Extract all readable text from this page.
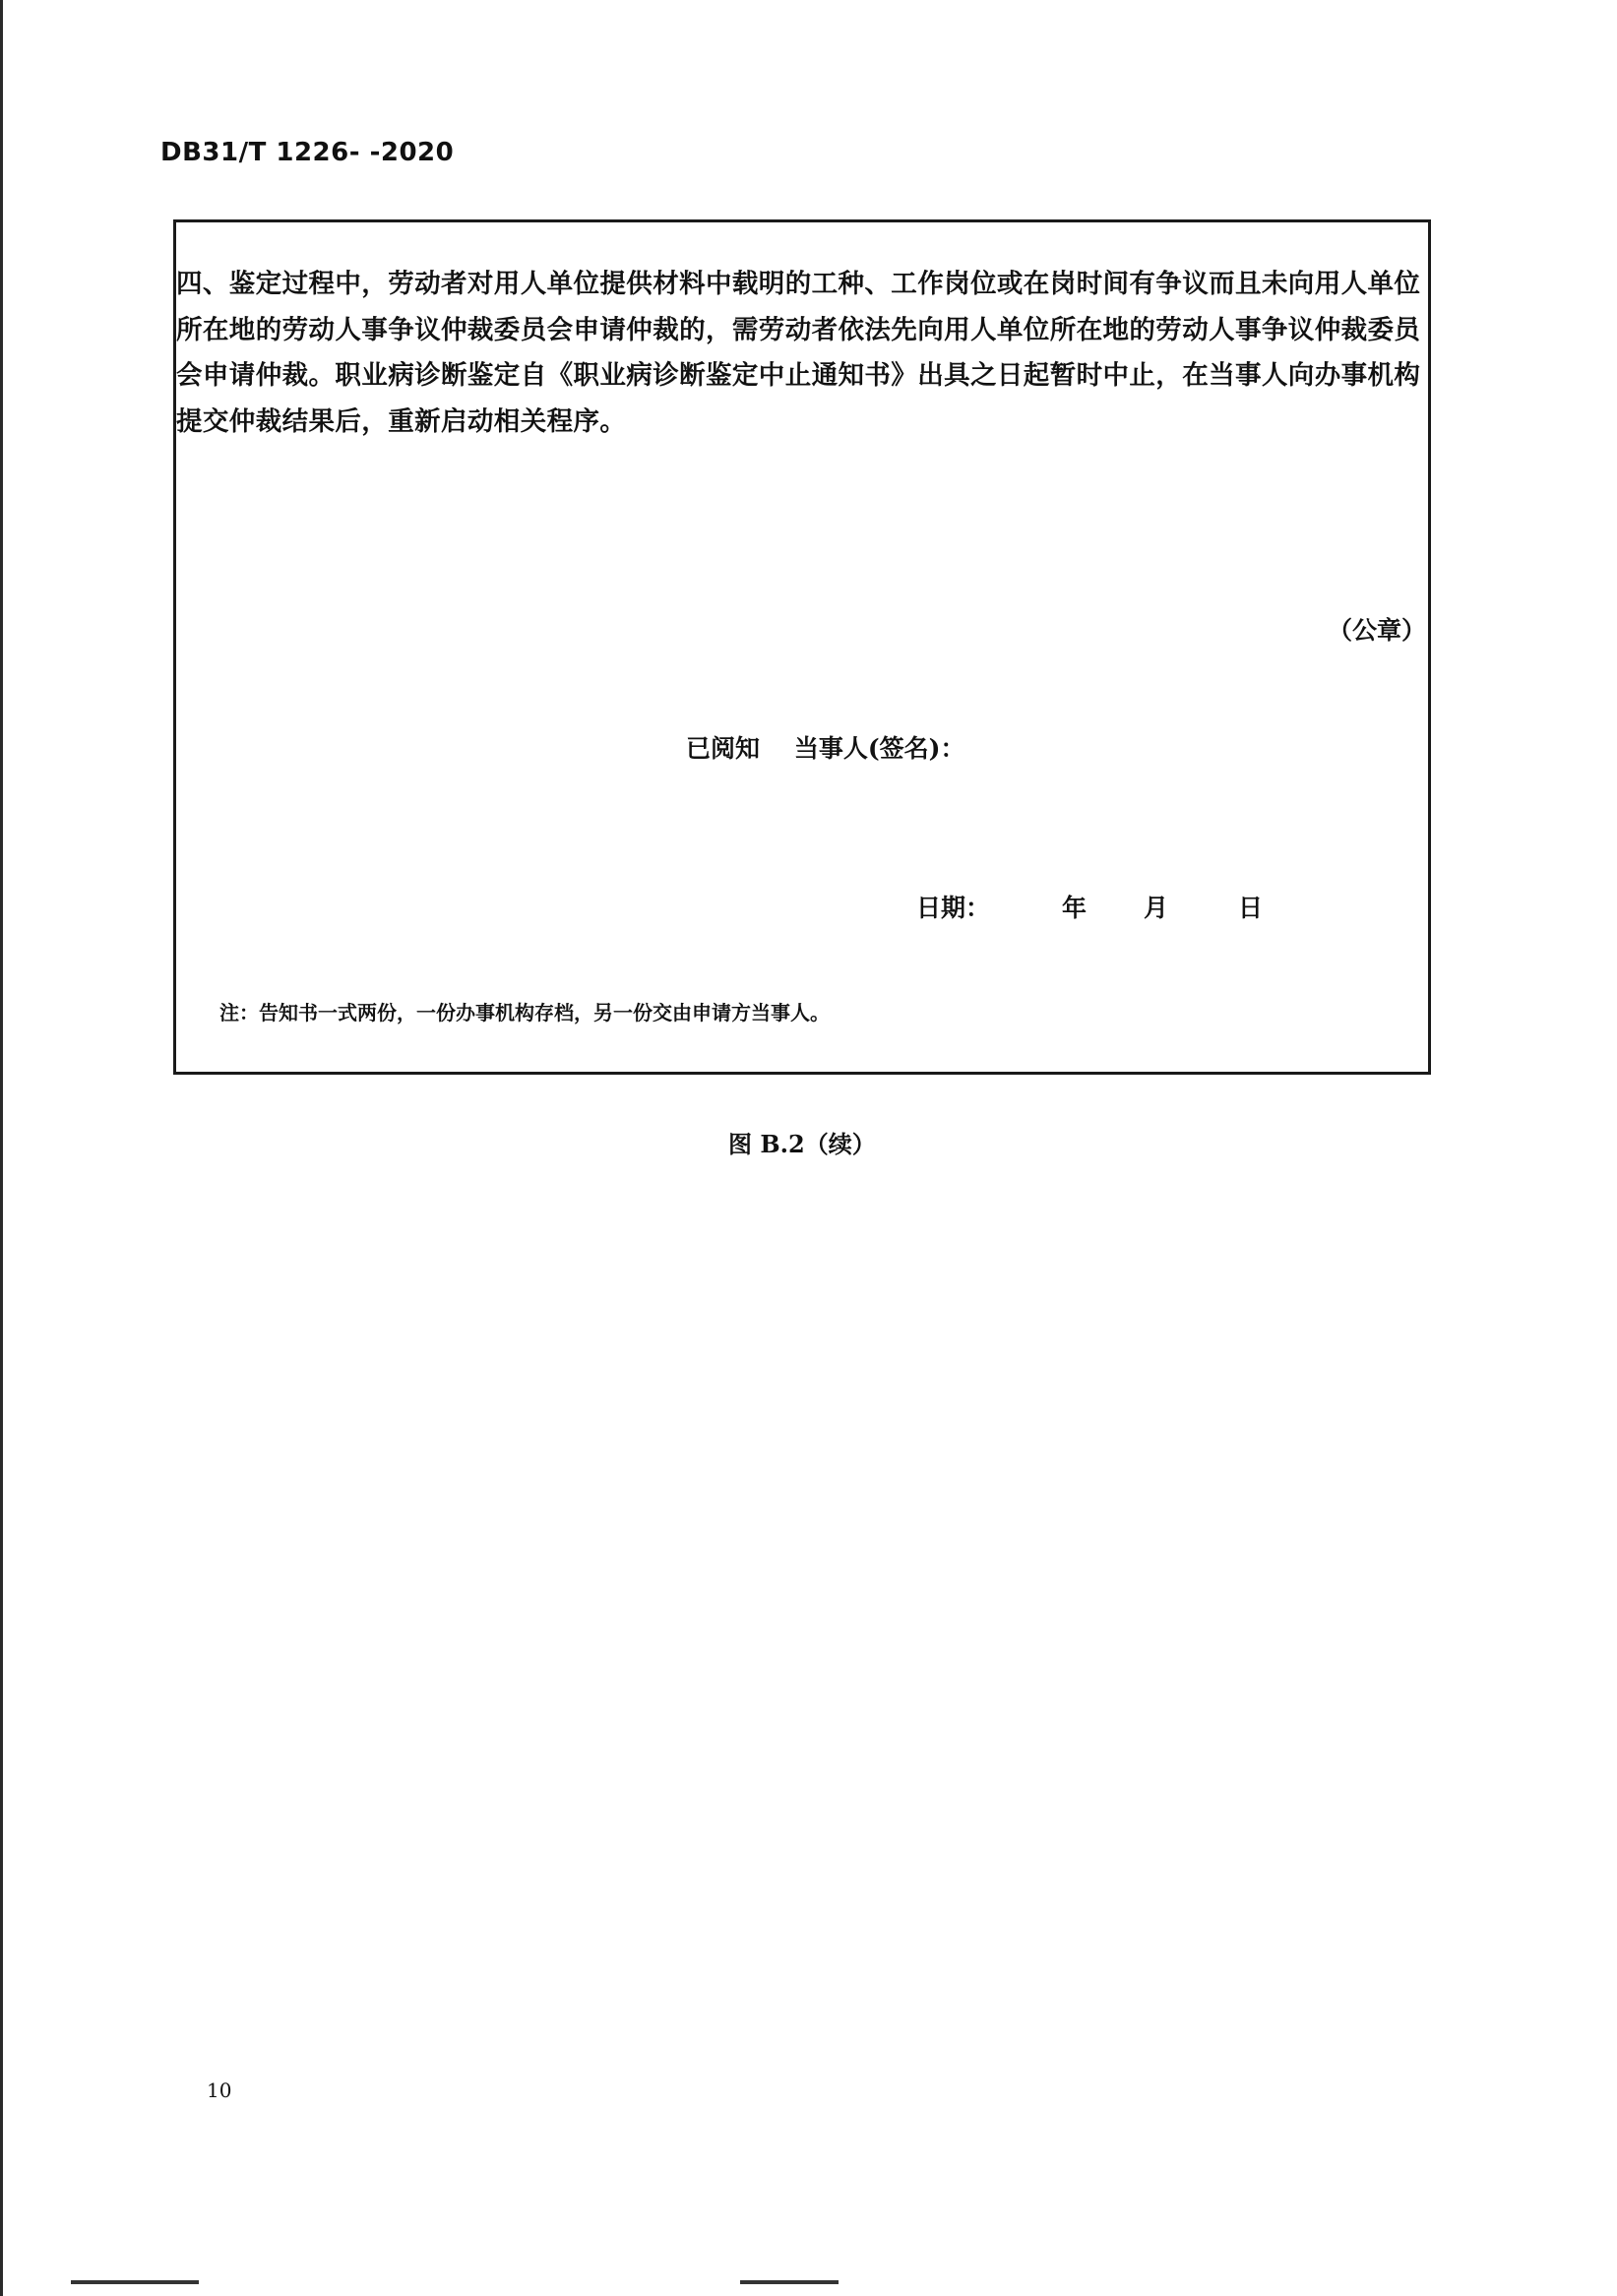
DB31/T 1226- -2020

四、鉴定过程中，劳动者对用人单位提供材料中载明的工种、工作岗位或在岗时间有争议而且未向用人单位所在地的劳动人事争议仲裁委员会申请仲裁的，需劳动者依法先向用人单位所在地的劳动人事争议仲裁委员会申请仲裁。职业病诊断鉴定自《职业病诊断鉴定中止通知书》出具之日起暂时中止，在当事人向办事机构提交仲裁结果后，重新启动相关程序。

（公章）
已阅知 当事人(签名)：
日期：	年 月	日
注：告知书一式两份，一份办事机构存档，另一份交由申请方当事人。
图 B.2（续）
10
